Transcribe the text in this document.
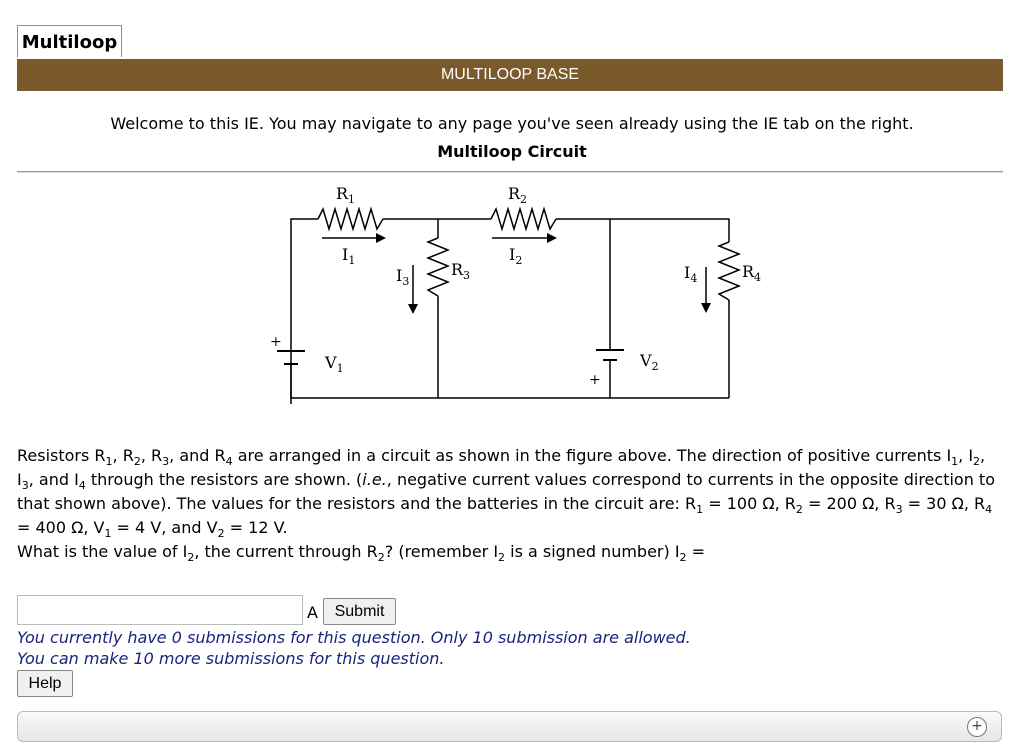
Multiloop
MULTILOOP BASE
Welcome to this IE. You may navigate to any page you've seen already using the IE tab on the right.
Multiloop Circuit
$R_1$	$R_2$
$R_3$	$R_4$
$I_1$	$I_2$
$I_3$	$I_4$
$V_1$	$V_2$
+
+
Resistors $R_1$, $R_2$, $R_3$, and $R_4$ are arranged in a circuit as shown in the figure above. The direction of positive currents $I_1$, $I_2$, $I_3$, and $I_4$ through the resistors are shown. (i.e., negative current values correspond to currents in the opposite direction to that shown above). The values for the resistors and the batteries in the circuit are: $R_1 = 100$ Ω, $R_2 = 200$ Ω, $R_3 = 30$ Ω, $R_4 = 400$ Ω, $V_1 = 4$ V, and $V_2 = 12$ V.
What is the value of $I_2$, the current through $R_2$? (remember $I_2$ is a signed number) $I_2$ =
A	Submit
You currently have 0 submissions for this question. Only 10 submission are allowed.
You can make 10 more submissions for this question.
Help
+
